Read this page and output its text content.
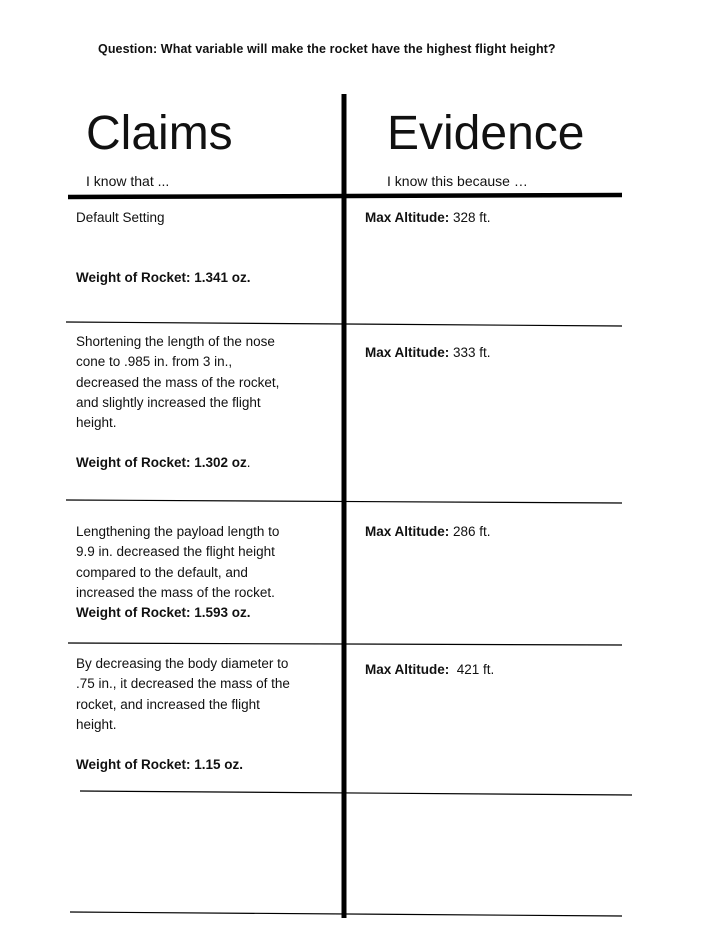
Question: What variable will make the rocket have the highest flight height?
Claims
I know that ...
Evidence
I know this because …
Default Setting
Weight of Rocket: 1.341 oz.
Max Altitude: 328 ft.
Shortening the length of the nose
cone to .985 in. from 3 in.,
decreased the mass of the rocket,
and slightly increased the flight
height.
Weight of Rocket: 1.302 oz.
Max Altitude: 333 ft.
Lengthening the payload length to
9.9 in. decreased the flight height
compared to the default, and
increased the mass of the rocket.
Weight of Rocket: 1.593 oz.
Max Altitude: 286 ft.
By decreasing the body diameter to
.75 in., it decreased the mass of the
rocket, and increased the flight
height.
Weight of Rocket: 1.15 oz.
Max Altitude:  421 ft.
